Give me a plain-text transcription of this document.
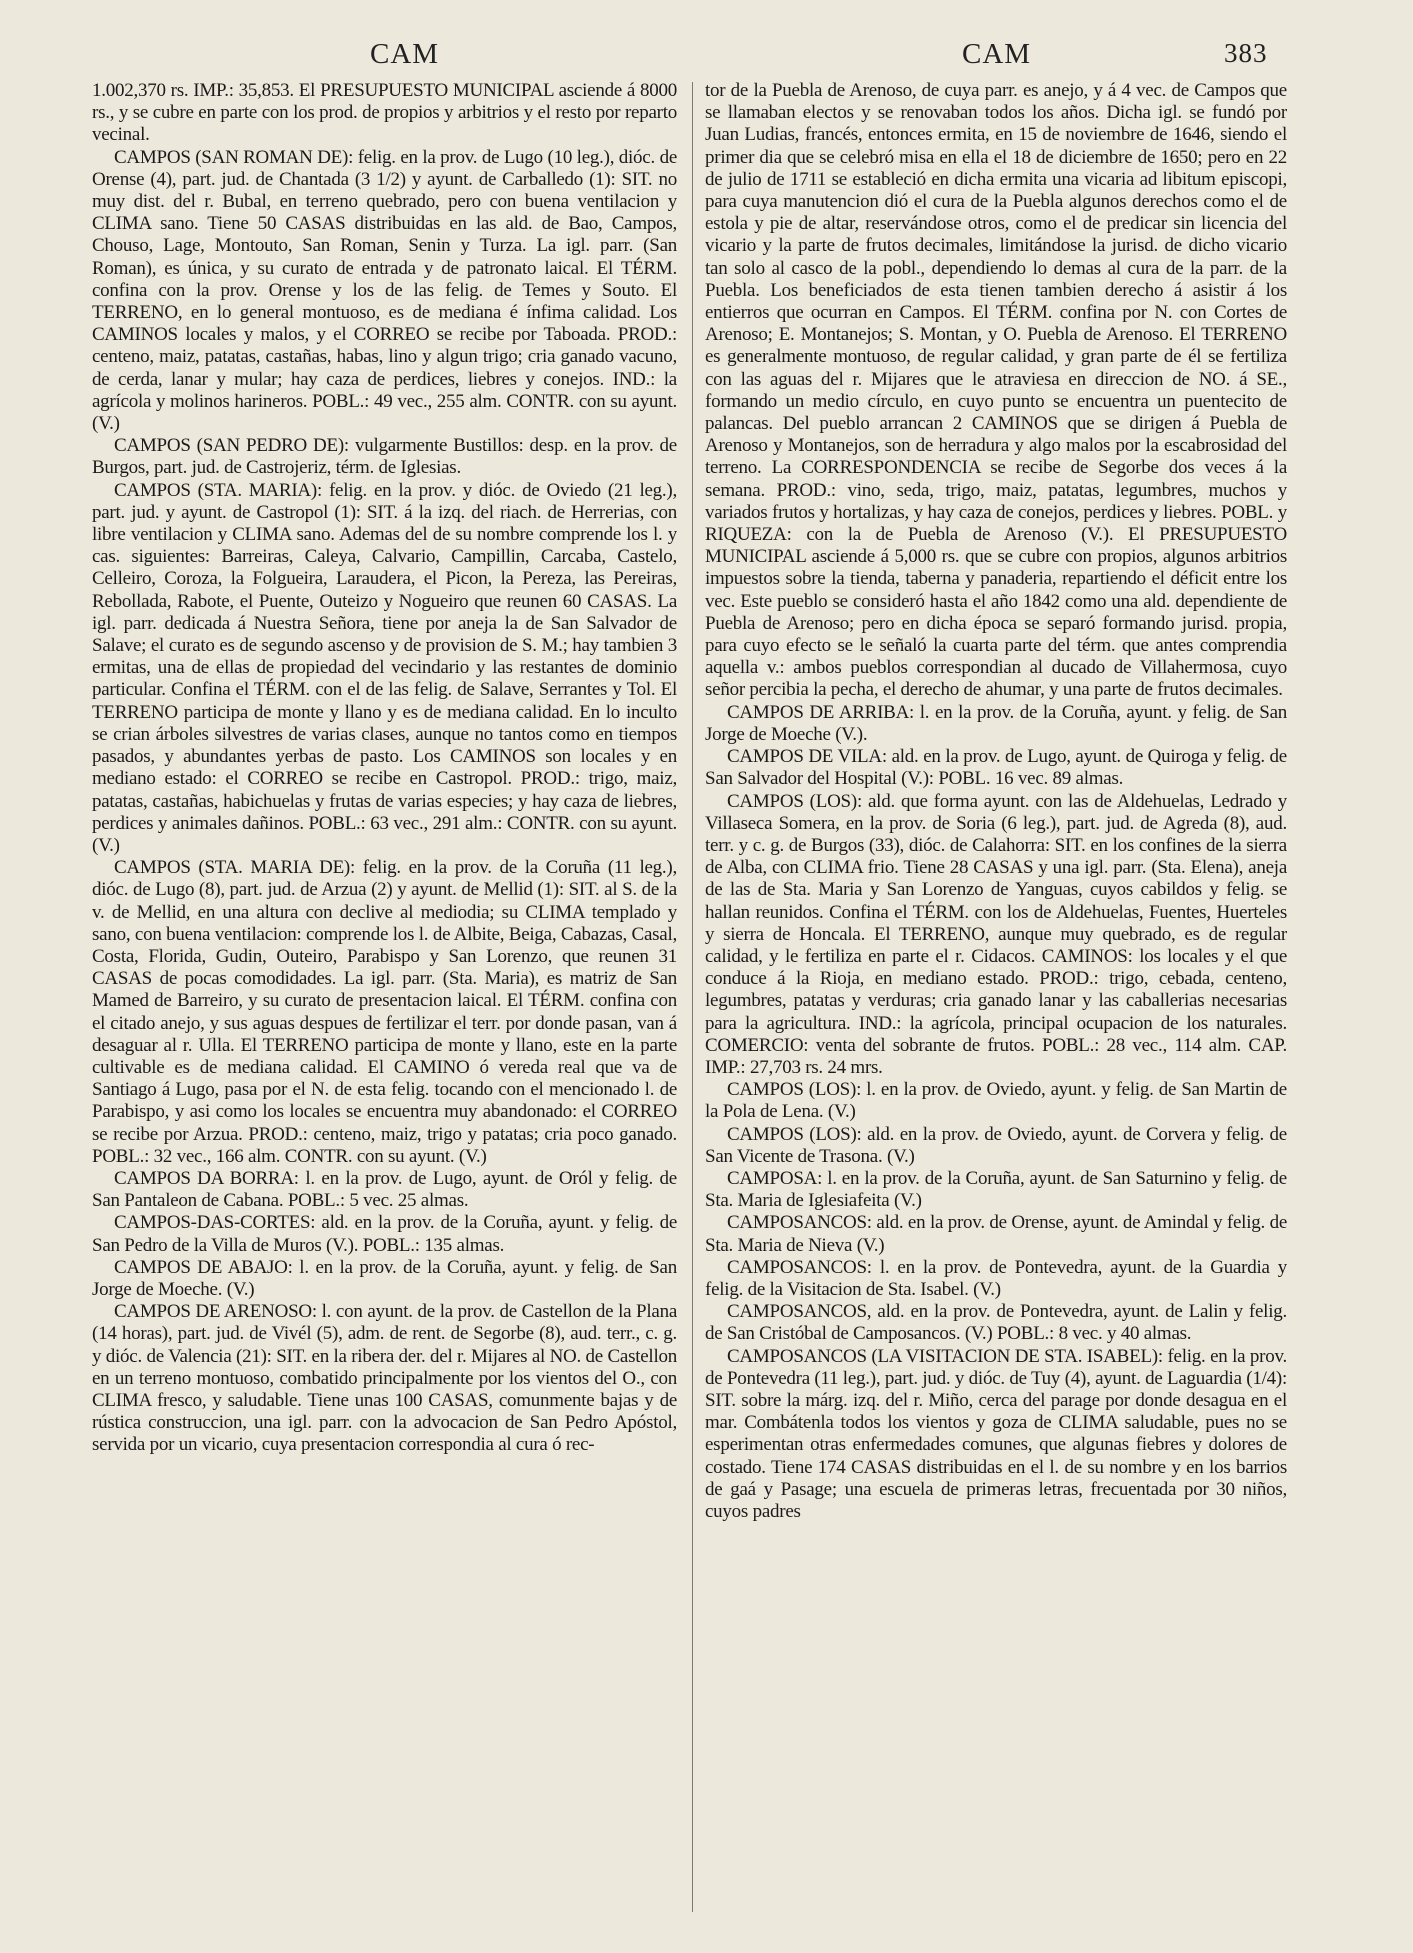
CAM	CAM	383

1.002,370 rs. IMP.: 35,853. El PRESUPUESTO MUNICIPAL asciende á 8000 rs., y se cubre en parte con los prod. de propios y arbitrios y el resto por reparto vecinal.

CAMPOS (SAN ROMAN DE): felig. en la prov. de Lugo (10 leg.), dióc. de Orense (4), part. jud. de Chantada (3 1/2) y ayunt. de Carballedo (1): SIT. no muy dist. del r. Bubal, en terreno quebrado, pero con buena ventilacion y CLIMA sano. Tiene 50 CASAS distribuidas en las ald. de Bao, Campos, Chouso, Lage, Montouto, San Roman, Senin y Turza. La igl. parr. (San Roman), es única, y su curato de entrada y de patronato laical. El TÉRM. confina con la prov. Orense y los de las felig. de Temes y Souto. El TERRENO, en lo general montuoso, es de mediana é ínfima calidad. Los CAMINOS locales y malos, y el CORREO se recibe por Taboada. PROD.: centeno, maiz, patatas, castañas, habas, lino y algun trigo; cria ganado vacuno, de cerda, lanar y mular; hay caza de perdices, liebres y conejos. IND.: la agrícola y molinos harineros. POBL.: 49 vec., 255 alm. CONTR. con su ayunt. (V.)

CAMPOS (SAN PEDRO DE): vulgarmente Bustillos: desp. en la prov. de Burgos, part. jud. de Castrojeriz, térm. de Iglesias.

CAMPOS (STA. MARIA): felig. en la prov. y dióc. de Oviedo (21 leg.), part. jud. y ayunt. de Castropol (1): SIT. á la izq. del riach. de Herrerias, con libre ventilacion y CLIMA sano. Ademas del de su nombre comprende los l. y cas. siguientes: Barreiras, Caleya, Calvario, Campillin, Carcaba, Castelo, Celleiro, Coroza, la Folgueira, Laraudera, el Picon, la Pereza, las Pereiras, Rebollada, Rabote, el Puente, Outeizo y Nogueiro que reunen 60 CASAS. La igl. parr. dedicada á Nuestra Señora, tiene por aneja la de San Salvador de Salave; el curato es de segundo ascenso y de provision de S. M.; hay tambien 3 ermitas, una de ellas de propiedad del vecindario y las restantes de dominio particular. Confina el TÉRM. con el de las felig. de Salave, Serrantes y Tol. El TERRENO participa de monte y llano y es de mediana calidad. En lo inculto se crian árboles silvestres de varias clases, aunque no tantos como en tiempos pasados, y abundantes yerbas de pasto. Los CAMINOS son locales y en mediano estado: el CORREO se recibe en Castropol. PROD.: trigo, maiz, patatas, castañas, habichuelas y frutas de varias especies; y hay caza de liebres, perdices y animales dañinos. POBL.: 63 vec., 291 alm.: CONTR. con su ayunt. (V.)

CAMPOS (STA. MARIA DE): felig. en la prov. de la Coruña (11 leg.), dióc. de Lugo (8), part. jud. de Arzua (2) y ayunt. de Mellid (1): SIT. al S. de la v. de Mellid, en una altura con declive al mediodia; su CLIMA templado y sano, con buena ventilacion: comprende los l. de Albite, Beiga, Cabazas, Casal, Costa, Florida, Gudin, Outeiro, Parabispo y San Lorenzo, que reunen 31 CASAS de pocas comodidades. La igl. parr. (Sta. Maria), es matriz de San Mamed de Barreiro, y su curato de presentacion laical. El TÉRM. confina con el citado anejo, y sus aguas despues de fertilizar el terr. por donde pasan, van á desaguar al r. Ulla. El TERRENO participa de monte y llano, este en la parte cultivable es de mediana calidad. El CAMINO ó vereda real que va de Santiago á Lugo, pasa por el N. de esta felig. tocando con el mencionado l. de Parabispo, y asi como los locales se encuentra muy abandonado: el CORREO se recibe por Arzua. PROD.: centeno, maiz, trigo y patatas; cria poco ganado. POBL.: 32 vec., 166 alm. CONTR. con su ayunt. (V.)

CAMPOS DA BORRA: l. en la prov. de Lugo, ayunt. de Oról y felig. de San Pantaleon de Cabana. POBL.: 5 vec. 25 almas.

CAMPOS-DAS-CORTES: ald. en la prov. de la Coruña, ayunt. y felig. de San Pedro de la Villa de Muros (V.). POBL.: 135 almas.

CAMPOS DE ABAJO: l. en la prov. de la Coruña, ayunt. y felig. de San Jorge de Moeche. (V.)

CAMPOS DE ARENOSO: l. con ayunt. de la prov. de Castellon de la Plana (14 horas), part. jud. de Vivél (5), adm. de rent. de Segorbe (8), aud. terr., c. g. y dióc. de Valencia (21): SIT. en la ribera der. del r. Mijares al NO. de Castellon en un terreno montuoso, combatido principalmente por los vientos del O., con CLIMA fresco, y saludable. Tiene unas 100 CASAS, comunmente bajas y de rústica construccion, una igl. parr. con la advocacion de San Pedro Apóstol, servida por un vicario, cuya presentacion correspondia al cura ó rec-

tor de la Puebla de Arenoso, de cuya parr. es anejo, y á 4 vec. de Campos que se llamaban electos y se renovaban todos los años. Dicha igl. se fundó por Juan Ludias, francés, entonces ermita, en 15 de noviembre de 1646, siendo el primer dia que se celebró misa en ella el 18 de diciembre de 1650; pero en 22 de julio de 1711 se estableció en dicha ermita una vicaria ad libitum episcopi, para cuya manutencion dió el cura de la Puebla algunos derechos como el de estola y pie de altar, reservándose otros, como el de predicar sin licencia del vicario y la parte de frutos decimales, limitándose la jurisd. de dicho vicario tan solo al casco de la pobl., dependiendo lo demas al cura de la parr. de la Puebla. Los beneficiados de esta tienen tambien derecho á asistir á los entierros que ocurran en Campos. El TÉRM. confina por N. con Cortes de Arenoso; E. Montanejos; S. Montan, y O. Puebla de Arenoso. El TERRENO es generalmente montuoso, de regular calidad, y gran parte de él se fertiliza con las aguas del r. Mijares que le atraviesa en direccion de NO. á SE., formando un medio círculo, en cuyo punto se encuentra un puentecito de palancas. Del pueblo arrancan 2 CAMINOS que se dirigen á Puebla de Arenoso y Montanejos, son de herradura y algo malos por la escabrosidad del terreno. La CORRESPONDENCIA se recibe de Segorbe dos veces á la semana. PROD.: vino, seda, trigo, maiz, patatas, legumbres, muchos y variados frutos y hortalizas, y hay caza de conejos, perdices y liebres. POBL. y RIQUEZA: con la de Puebla de Arenoso (V.). El PRESUPUESTO MUNICIPAL asciende á 5,000 rs. que se cubre con propios, algunos arbitrios impuestos sobre la tienda, taberna y panaderia, repartiendo el déficit entre los vec. Este pueblo se consideró hasta el año 1842 como una ald. dependiente de Puebla de Arenoso; pero en dicha época se separó formando jurisd. propia, para cuyo efecto se le señaló la cuarta parte del térm. que antes comprendia aquella v.: ambos pueblos correspondian al ducado de Villahermosa, cuyo señor percibia la pecha, el derecho de ahumar, y una parte de frutos decimales.

CAMPOS DE ARRIBA: l. en la prov. de la Coruña, ayunt. y felig. de San Jorge de Moeche (V.).

CAMPOS DE VILA: ald. en la prov. de Lugo, ayunt. de Quiroga y felig. de San Salvador del Hospital (V.): POBL. 16 vec. 89 almas.

CAMPOS (LOS): ald. que forma ayunt. con las de Aldehuelas, Ledrado y Villaseca Somera, en la prov. de Soria (6 leg.), part. jud. de Agreda (8), aud. terr. y c. g. de Burgos (33), dióc. de Calahorra: SIT. en los confines de la sierra de Alba, con CLIMA frio. Tiene 28 CASAS y una igl. parr. (Sta. Elena), aneja de las de Sta. Maria y San Lorenzo de Yanguas, cuyos cabildos y felig. se hallan reunidos. Confina el TÉRM. con los de Aldehuelas, Fuentes, Huerteles y sierra de Honcala. El TERRENO, aunque muy quebrado, es de regular calidad, y le fertiliza en parte el r. Cidacos. CAMINOS: los locales y el que conduce á la Rioja, en mediano estado. PROD.: trigo, cebada, centeno, legumbres, patatas y verduras; cria ganado lanar y las caballerias necesarias para la agricultura. IND.: la agrícola, principal ocupacion de los naturales. COMERCIO: venta del sobrante de frutos. POBL.: 28 vec., 114 alm. CAP. IMP.: 27,703 rs. 24 mrs.

CAMPOS (LOS): l. en la prov. de Oviedo, ayunt. y felig. de San Martin de la Pola de Lena. (V.)

CAMPOS (LOS): ald. en la prov. de Oviedo, ayunt. de Corvera y felig. de San Vicente de Trasona. (V.)

CAMPOSA: l. en la prov. de la Coruña, ayunt. de San Saturnino y felig. de Sta. Maria de Iglesiafeita (V.)

CAMPOSANCOS: ald. en la prov. de Orense, ayunt. de Amindal y felig. de Sta. Maria de Nieva (V.)

CAMPOSANCOS: l. en la prov. de Pontevedra, ayunt. de la Guardia y felig. de la Visitacion de Sta. Isabel. (V.)

CAMPOSANCOS, ald. en la prov. de Pontevedra, ayunt. de Lalin y felig. de San Cristóbal de Camposancos. (V.) POBL.: 8 vec. y 40 almas.

CAMPOSANCOS (LA VISITACION DE STA. ISABEL): felig. en la prov. de Pontevedra (11 leg.), part. jud. y dióc. de Tuy (4), ayunt. de Laguardia (1/4): SIT. sobre la márg. izq. del r. Miño, cerca del parage por donde desagua en el mar. Combátenla todos los vientos y goza de CLIMA saludable, pues no se esperimentan otras enfermedades comunes, que algunas fiebres y dolores de costado. Tiene 174 CASAS distribuidas en el l. de su nombre y en los barrios de gaá y Pasage; una escuela de primeras letras, frecuentada por 30 niños, cuyos padres
